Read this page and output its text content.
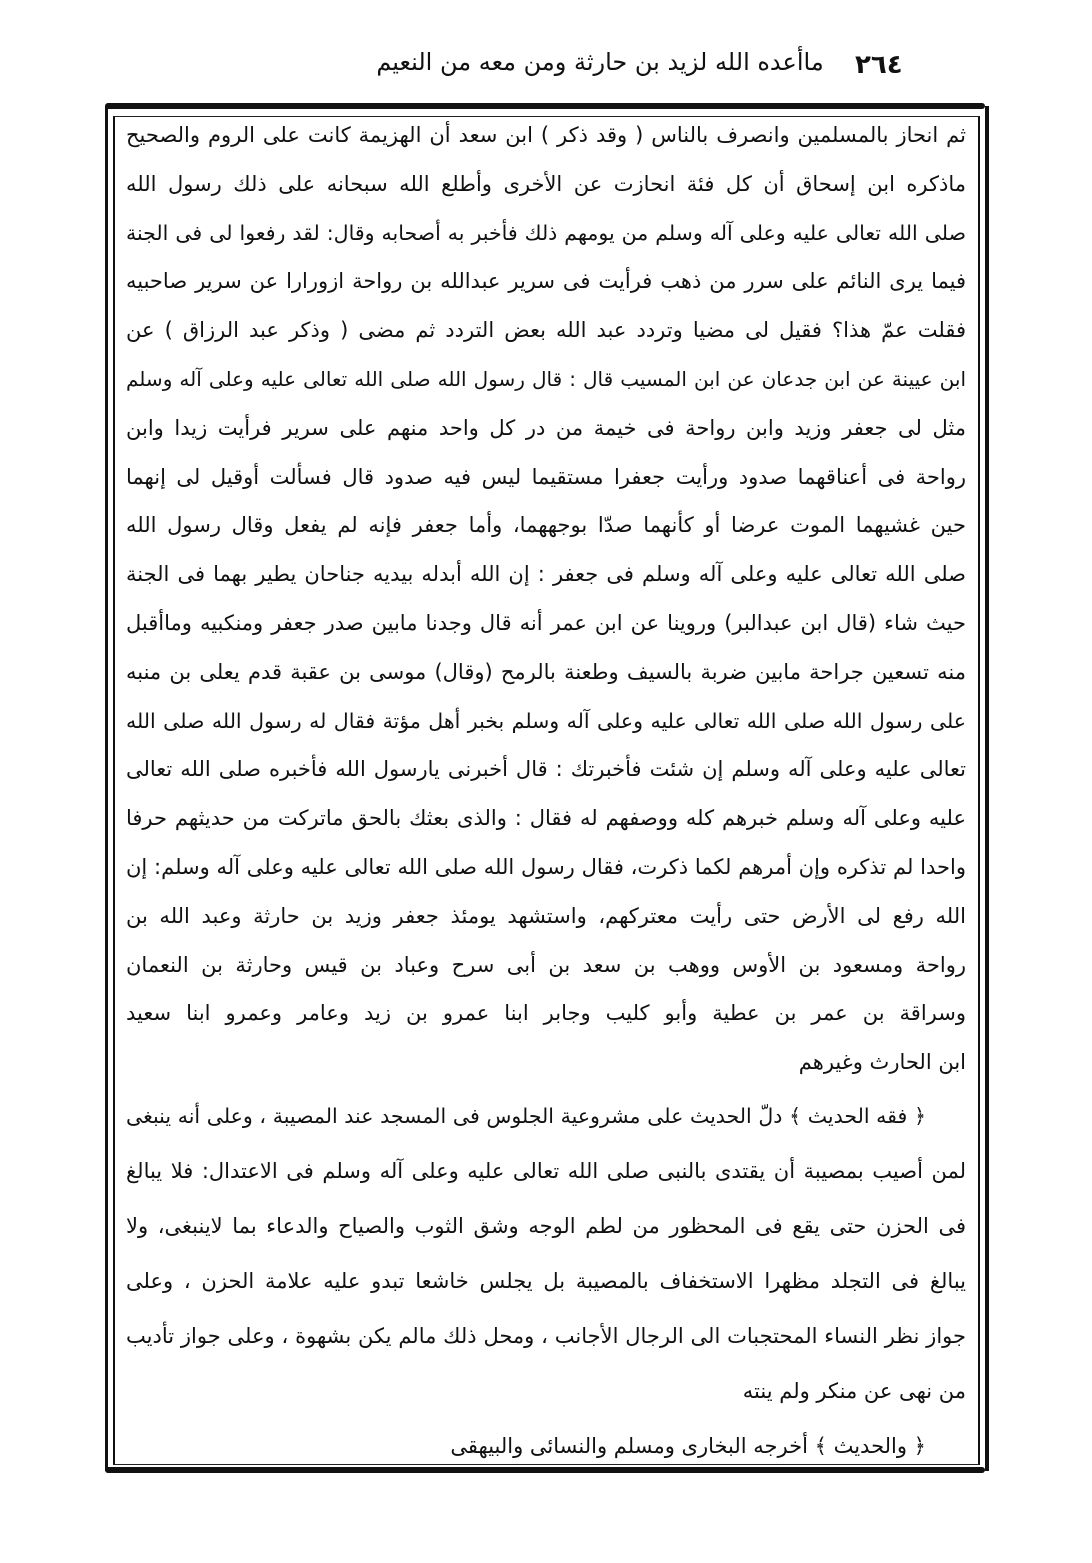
٢٦٤
ماأعده الله لزيد بن حارثة ومن معه من النعيم
ثم انحاز بالمسلمين وانصرف بالناس ( وقد ذكر ) ابن سعد أن الهزيمة كانت على الروم والصحيح
ماذكره ابن إسحاق أن كل فئة انحازت عن الأخرى وأطلع الله سبحانه على ذلك رسول الله
صلى الله تعالى عليه وعلى آله وسلم من يومهم ذلك فأخبر به أصحابه وقال: لقد رفعوا لى فى الجنة
فيما يرى النائم على سرر من ذهب فرأيت فى سرير عبدالله بن رواحة ازورارا عن سرير صاحبيه
فقلت عمّ هذا؟ فقيل لى مضيا وتردد عبد الله بعض التردد ثم مضى ( وذكر عبد الرزاق ) عن
ابن عيينة عن ابن جدعان عن ابن المسيب قال : قال رسول الله صلى الله تعالى عليه وعلى آله وسلم
مثل لى جعفر وزيد وابن رواحة فى خيمة من در كل واحد منهم على سرير فرأيت زيدا وابن
رواحة فى أعناقهما صدود ورأيت جعفرا مستقيما ليس فيه صدود قال فسألت أوقيل لى إنهما
حين غشيهما الموت عرضا أو كأنهما صدّا بوجههما، وأما جعفر فإنه لم يفعل وقال رسول الله
صلى الله تعالى عليه وعلى آله وسلم فى جعفر : إن الله أبدله بيديه جناحان يطير بهما فى الجنة
حيث شاء (قال ابن عبدالبر) وروينا عن ابن عمر أنه قال وجدنا مابين صدر جعفر ومنكبيه وماأقبل
منه تسعين جراحة مابين ضربة بالسيف وطعنة بالرمح (وقال) موسى بن عقبة قدم يعلى بن منبه
على رسول الله صلى الله تعالى عليه وعلى آله وسلم بخبر أهل مؤتة فقال له رسول الله صلى الله
تعالى عليه وعلى آله وسلم إن شئت فأخبرتك : قال أخبرنى يارسول الله فأخبره صلى الله تعالى
عليه وعلى آله وسلم خبرهم كله ووصفهم له فقال : والذى بعثك بالحق ماتركت من حديثهم حرفا
واحدا لم تذكره وإن أمرهم لكما ذكرت، فقال رسول الله صلى الله تعالى عليه وعلى آله وسلم: إن
الله رفع لى الأرض حتى رأيت معتركهم، واستشهد يومئذ جعفر وزيد بن حارثة وعبد الله بن
رواحة ومسعود بن الأوس ووهب بن سعد بن أبى سرح وعباد بن قيس وحارثة بن النعمان
وسراقة بن عمر بن عطية وأبو كليب وجابر ابنا عمرو بن زيد وعامر وعمرو ابنا سعيد
ابن الحارث وغيرهم
﴿ فقه الحديث ﴾ دلّ الحديث على مشروعية الجلوس فى المسجد عند المصيبة ، وعلى أنه ينبغى
لمن أصيب بمصيبة أن يقتدى بالنبى صلى الله تعالى عليه وعلى آله وسلم فى الاعتدال: فلا يبالغ
فى الحزن حتى يقع فى المحظور من لطم الوجه وشق الثوب والصياح والدعاء بما لاينبغى، ولا
يبالغ فى التجلد مظهرا الاستخفاف بالمصيبة بل يجلس خاشعا تبدو عليه علامة الحزن ، وعلى
جواز نظر النساء المحتجبات الى الرجال الأجانب ، ومحل ذلك مالم يكن بشهوة ، وعلى جواز تأديب
من نهى عن منكر ولم ينته
﴿ والحديث ﴾ أخرجه البخارى ومسلم والنسائى والبيهقى
